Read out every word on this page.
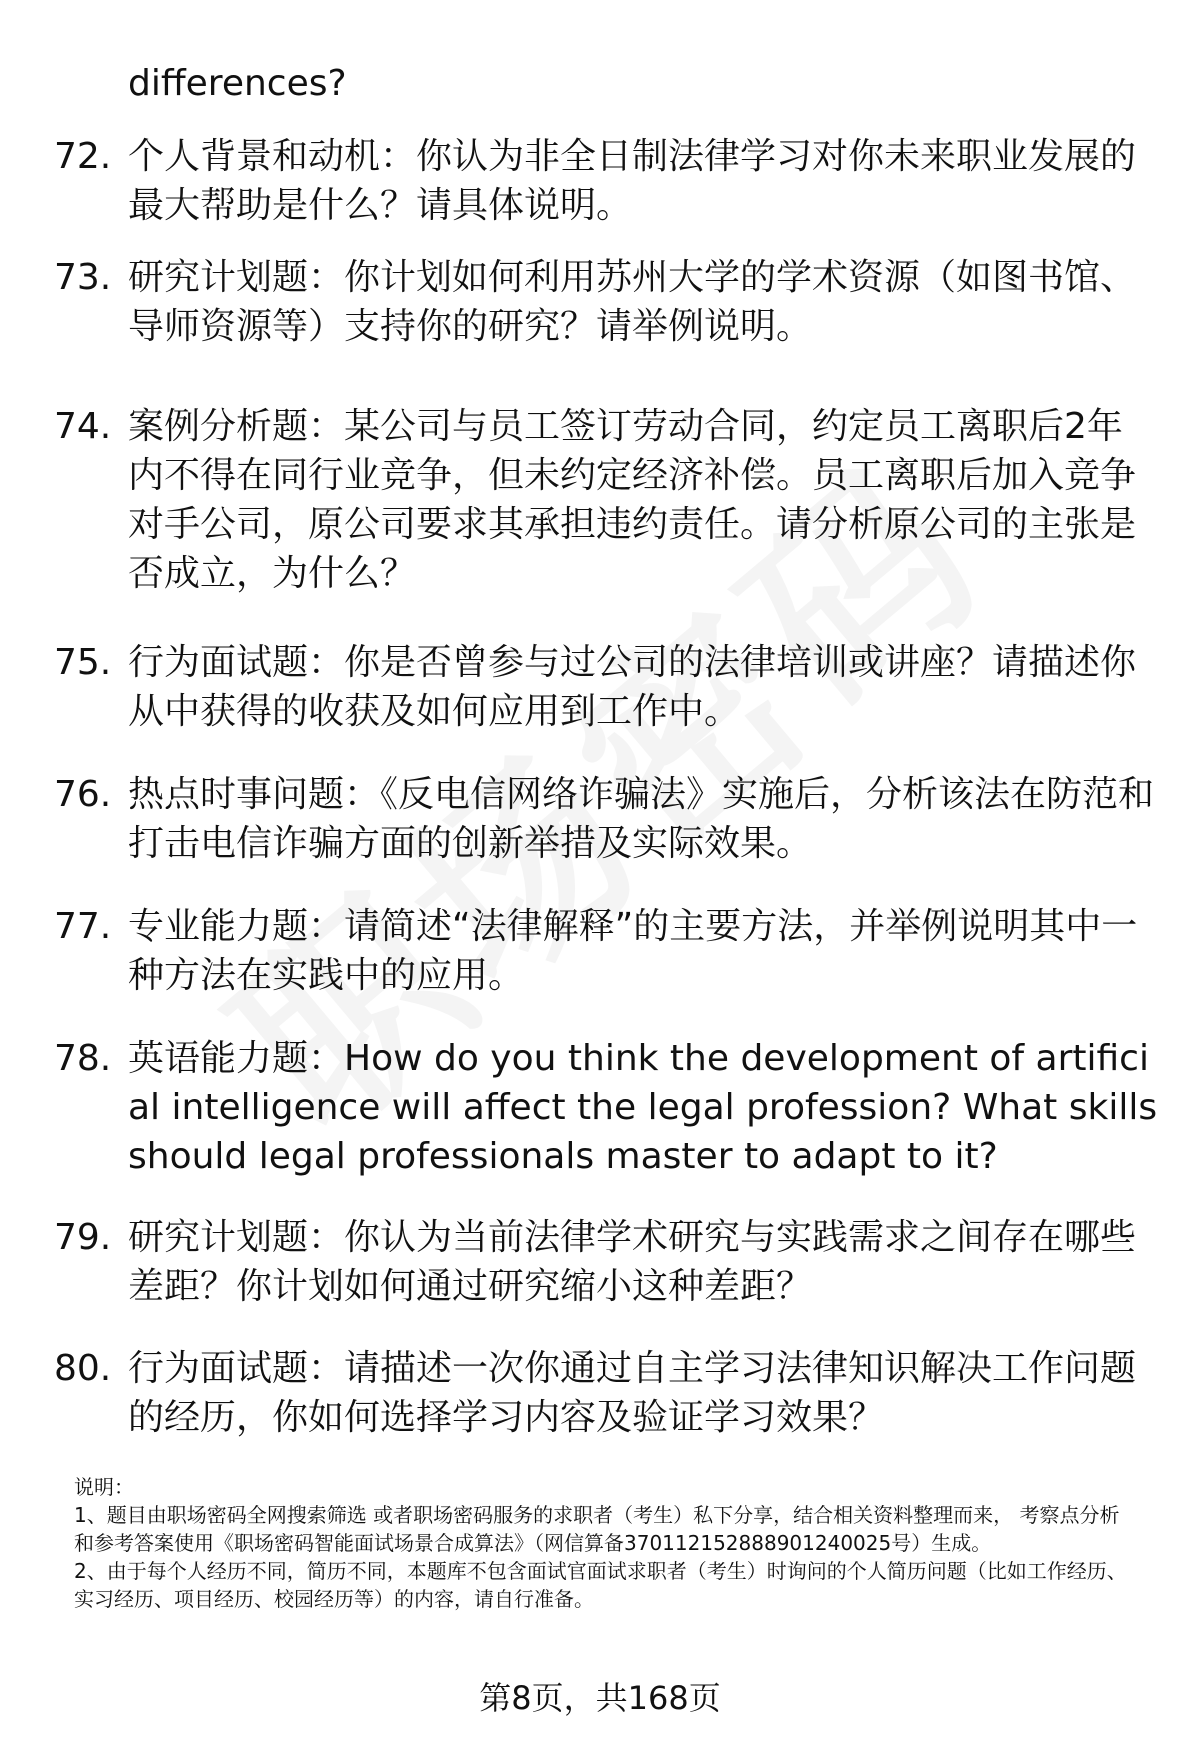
differences?

72. 个人背景和动机：你认为非全日制法律学习对你未来职业发展的最大帮助是什么？请具体说明。
73. 研究计划题：你计划如何利用苏州大学的学术资源（如图书馆、导师资源等）支持你的研究？请举例说明。
74. 案例分析题：某公司与员工签订劳动合同，约定员工离职后2年内不得在同行业竞争，但未约定经济补偿。员工离职后加入竞争对手公司，原公司要求其承担违约责任。请分析原公司的主张是否成立，为什么？
75. 行为面试题：你是否曾参与过公司的法律培训或讲座？请描述你从中获得的收获及如何应用到工作中。
76. 热点时事问题：《反电信网络诈骗法》实施后，分析该法在防范和打击电信诈骗方面的创新举措及实际效果。
77. 专业能力题：请简述“法律解释”的主要方法，并举例说明其中一种方法在实践中的应用。
78. 英语能力题：How do you think the development of artificial intelligence will affect the legal profession? What skills should legal professionals master to adapt to it?
79. 研究计划题：你认为当前法律学术研究与实践需求之间存在哪些差距？你计划如何通过研究缩小这种差距？
80. 行为面试题：请描述一次你通过自主学习法律知识解决工作问题的经历，你如何选择学习内容及验证学习效果？

说明：

1、题目由职场密码全网搜索筛选 或者职场密码服务的求职者（考生）私下分享，结合相关资料整理而来， 考察点分析和参考答案使用《职场密码智能面试场景合成算法》（网信算备370112152888901240025号）生成。

2、由于每个人经历不同，简历不同，本题库不包含面试官面试求职者（考生）时询问的个人简历问题（比如工作经历、实习经历、项目经历、校园经历等）的内容，请自行准备。

第8页，共168页
